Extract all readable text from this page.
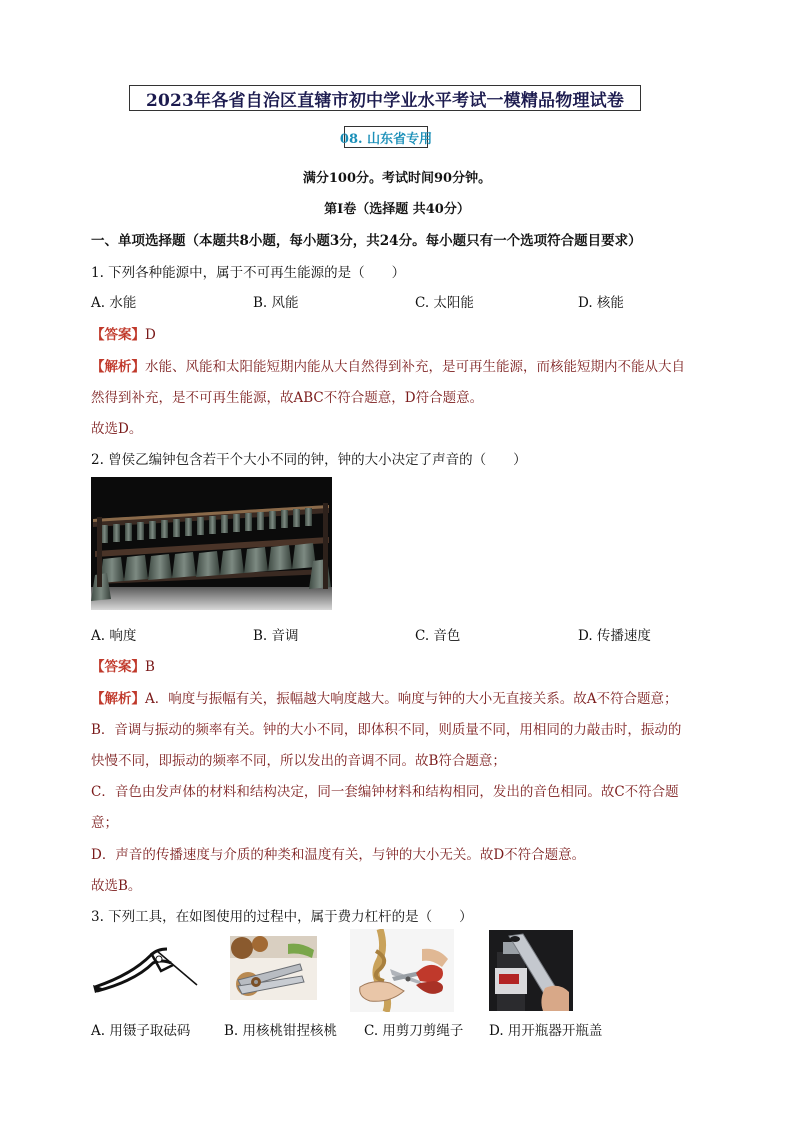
2023年各省自治区直辖市初中学业水平考试一模精品物理试卷
08. 山东省专用
满分100分。考试时间90分钟。
第Ⅰ卷（选择题 共40分）
一、单项选择题（本题共8小题，每小题3分，共24分。每小题只有一个选项符合题目要求）
1. 下列各种能源中，属于不可再生能源的是（　　）
A. 水能	B. 风能	C. 太阳能	D. 核能
【答案】D
【解析】水能、风能和太阳能短期内能从大自然得到补充，是可再生能源，而核能短期内不能从大自
然得到补充，是不可再生能源，故ABC不符合题意，D符合题意。
故选D。
2. 曾侯乙编钟包含若干个大小不同的钟，钟的大小决定了声音的（　　）
A. 响度	B. 音调	C. 音色	D. 传播速度
【答案】B
【解析】A．响度与振幅有关，振幅越大响度越大。响度与钟的大小无直接关系。故A不符合题意；
B．音调与振动的频率有关。钟的大小不同，即体积不同，则质量不同，用相同的力敲击时，振动的
快慢不同，即振动的频率不同，所以发出的音调不同。故B符合题意；
C．音色由发声体的材料和结构决定，同一套编钟材料和结构相同，发出的音色相同。故C不符合题
意；
D．声音的传播速度与介质的种类和温度有关，与钟的大小无关。故D不符合题意。
故选B。
3. 下列工具，在如图使用的过程中，属于费力杠杆的是（　　）
A. 用镊子取砝码 B. 用核桃钳捏核桃 C. 用剪刀剪绳子 D. 用开瓶器开瓶盖
